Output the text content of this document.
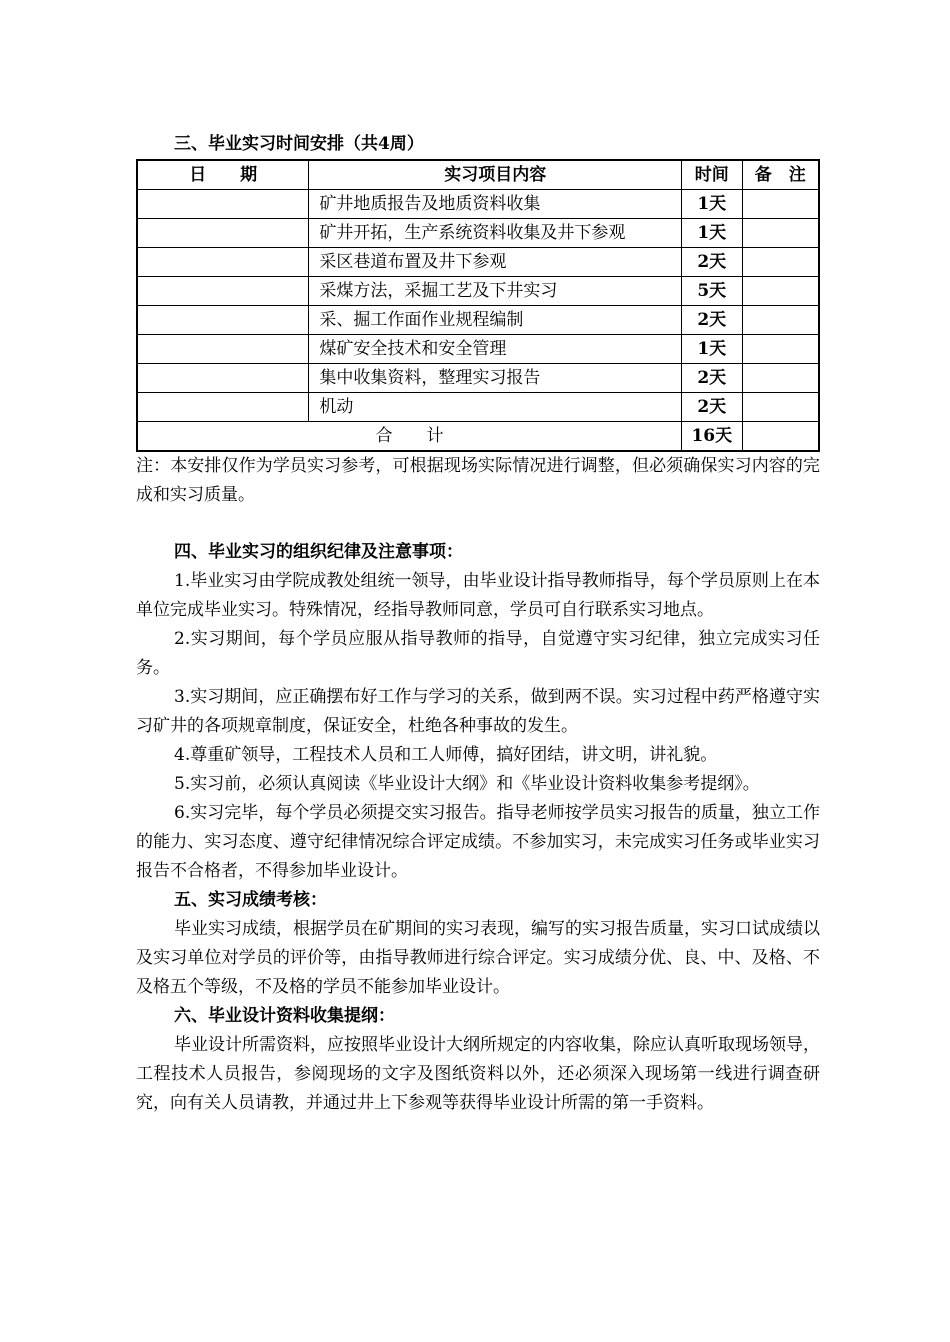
三、毕业实习时间安排（共4周）
日　　期	实习项目内容	时间	备　注
	矿井地质报告及地质资料收集	1天	
	矿井开拓，生产系统资料收集及井下参观	1天	
	采区巷道布置及井下参观	2天	
	采煤方法，采掘工艺及下井实习	5天	
	采、掘工作面作业规程编制	2天	
	煤矿安全技术和安全管理	1天	
	集中收集资料，整理实习报告	2天	
	机动	2天	
合　　计		16天	

注：本安排仅作为学员实习参考，可根据现场实际情况进行调整，但必须确保实习内容的完成和实习质量。

四、毕业实习的组织纪律及注意事项：

1.毕业实习由学院成教处组统一领导，由毕业设计指导教师指导，每个学员原则上在本单位完成毕业实习。特殊情况，经指导教师同意，学员可自行联系实习地点。

2.实习期间，每个学员应服从指导教师的指导，自觉遵守实习纪律，独立完成实习任务。

3.实习期间，应正确摆布好工作与学习的关系，做到两不误。实习过程中药严格遵守实习矿井的各项规章制度，保证安全，杜绝各种事故的发生。

4.尊重矿领导，工程技术人员和工人师傅，搞好团结，讲文明，讲礼貌。

5.实习前，必须认真阅读《毕业设计大纲》和《毕业设计资料收集参考提纲》。

6.实习完毕，每个学员必须提交实习报告。指导老师按学员实习报告的质量，独立工作的能力、实习态度、遵守纪律情况综合评定成绩。不参加实习，未完成实习任务或毕业实习报告不合格者，不得参加毕业设计。

五、实习成绩考核：

毕业实习成绩，根据学员在矿期间的实习表现，编写的实习报告质量，实习口试成绩以及实习单位对学员的评价等，由指导教师进行综合评定。实习成绩分优、良、中、及格、不及格五个等级，不及格的学员不能参加毕业设计。

六、毕业设计资料收集提纲：

毕业设计所需资料，应按照毕业设计大纲所规定的内容收集，除应认真听取现场领导，工程技术人员报告，参阅现场的文字及图纸资料以外，还必须深入现场第一线进行调查研究，向有关人员请教，并通过井上下参观等获得毕业设计所需的第一手资料。
